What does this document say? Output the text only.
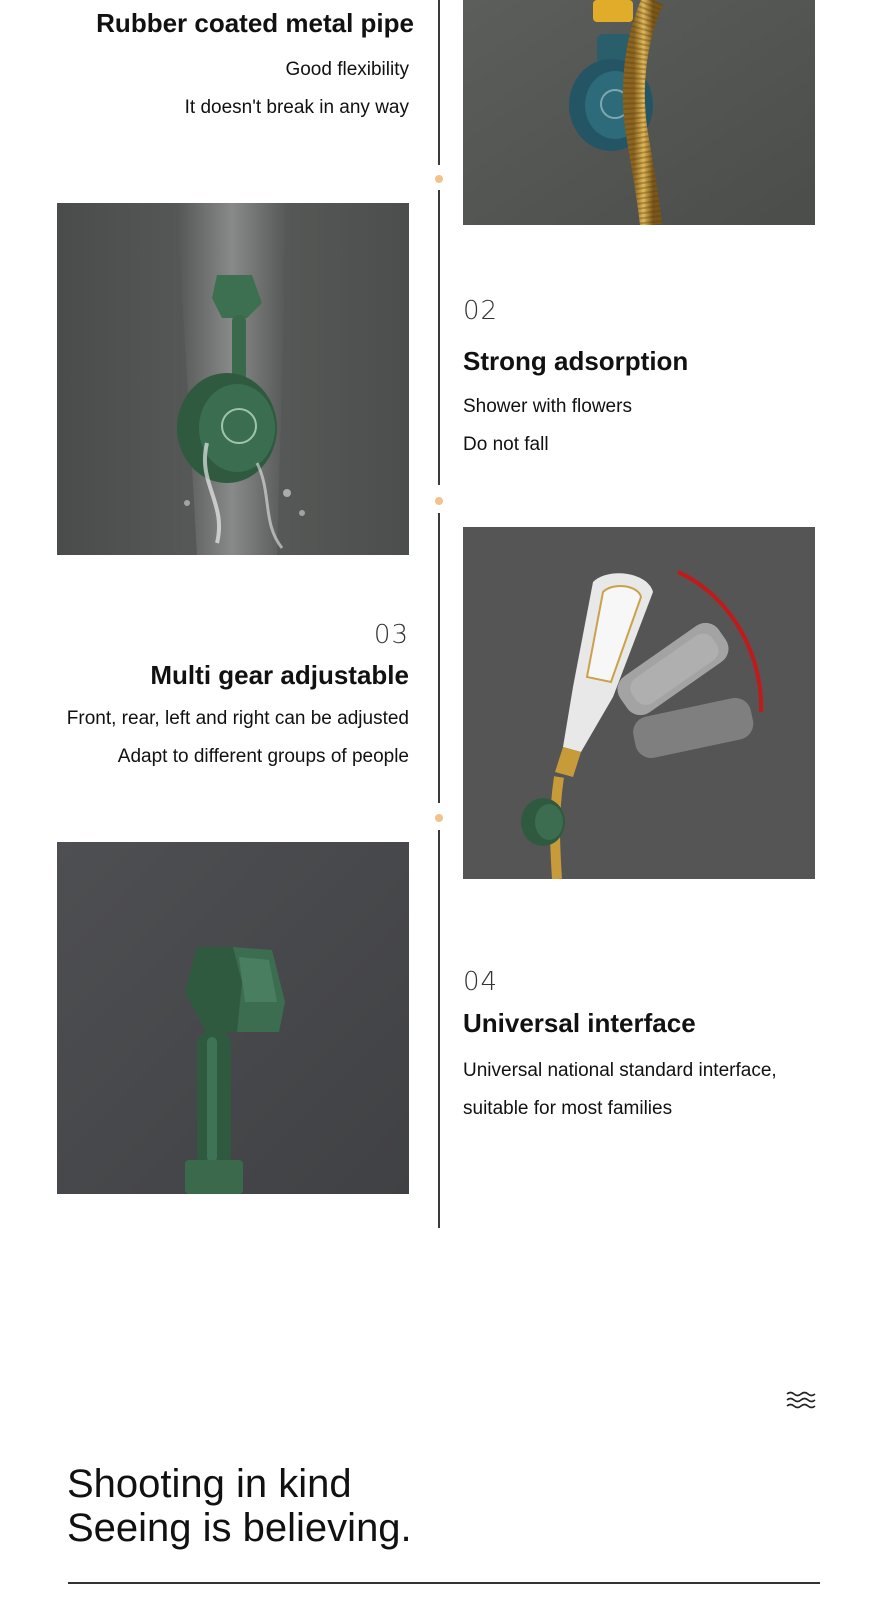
Rubber coated metal pipe
Good flexibility
It doesn't break in any way
02
Strong adsorption
Shower with flowers
Do not fall
03
Multi gear adjustable
Front, rear, left and right can be adjusted
Adapt to different groups of people
04
Universal interface
Universal national standard interface,
suitable for most families
Shooting in kind
Seeing is believing.
